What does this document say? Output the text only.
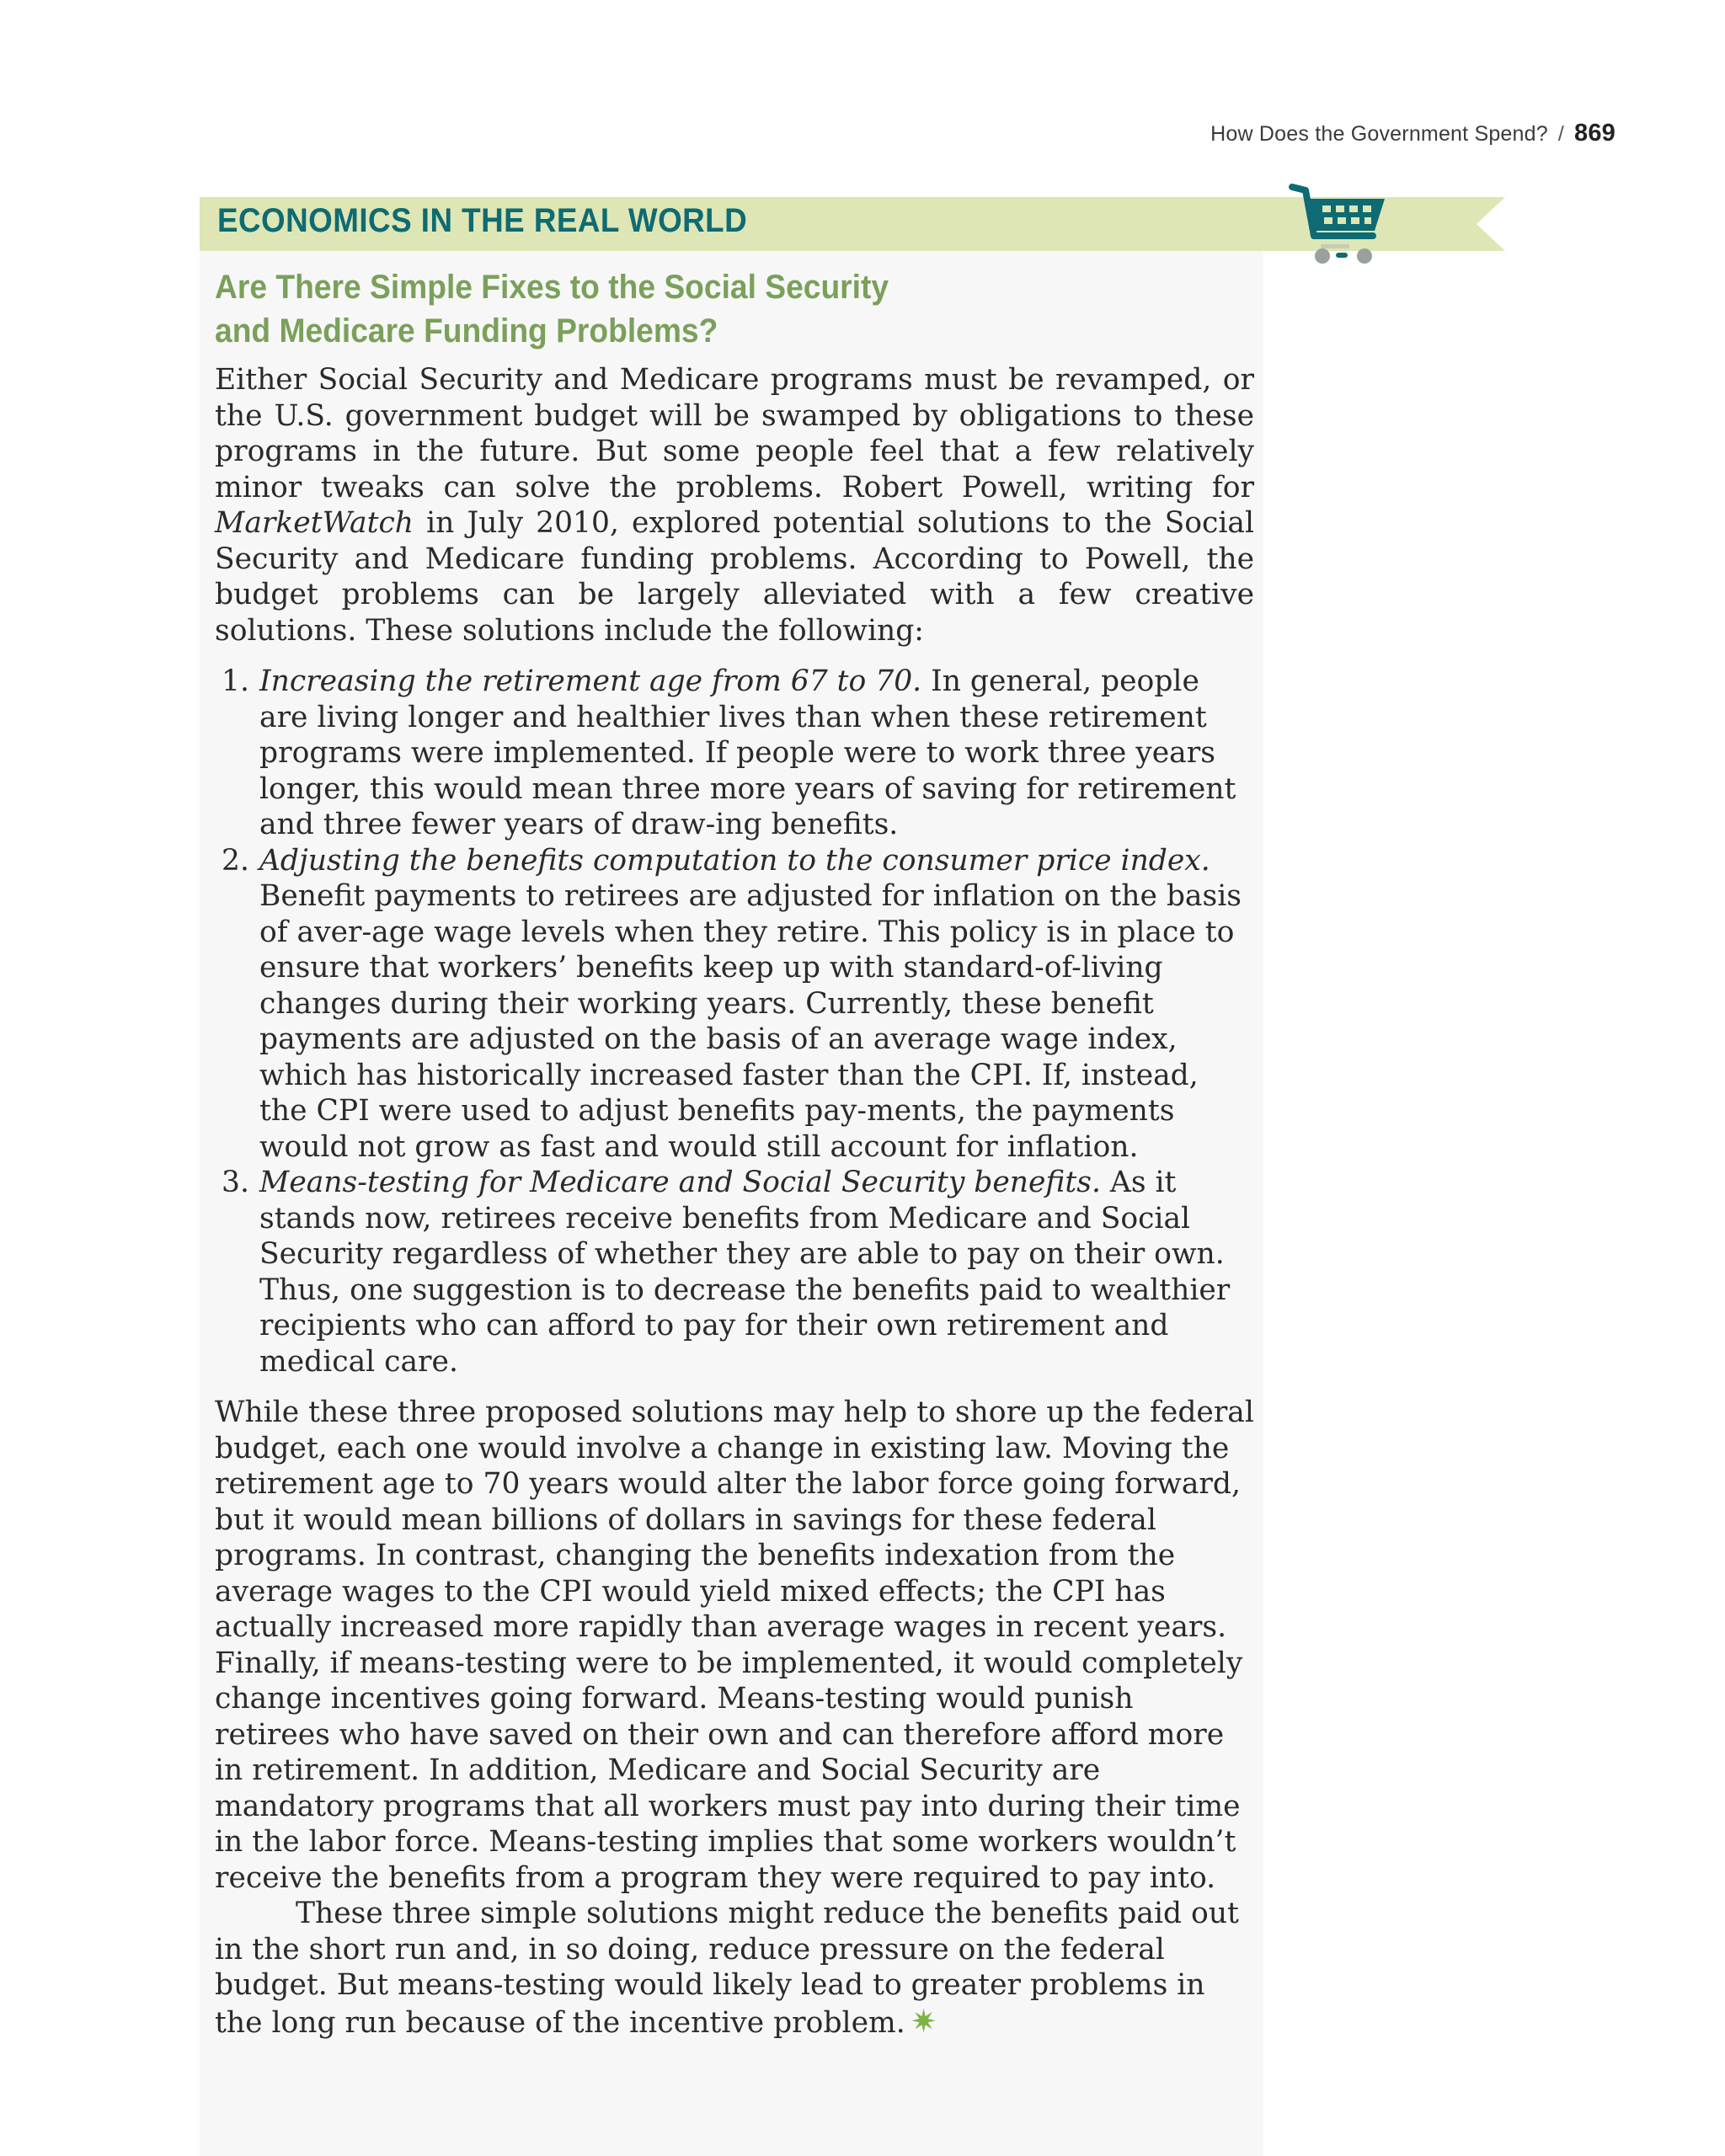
How Does the Government Spend? / 869
ECONOMICS IN THE REAL WORLD
Are There Simple Fixes to the Social Security
and Medicare Funding Problems?

Either Social Security and Medicare programs must be revamped, or the U.S. government budget will be swamped by obligations to these programs in the future. But some people feel that a few relatively minor tweaks can solve the problems. Robert Powell, writing for MarketWatch in July 2010, explored potential solutions to the Social Security and Medicare funding problems. According to Powell, the budget problems can be largely alleviated with a few creative solutions. These solutions include the following:

1. Increasing the retirement age from 67 to 70. In general, people are living longer and healthier lives than when these retirement programs were implemented. If people were to work three years longer, this would mean three more years of saving for retirement and three fewer years of draw-ing benefits.
2. Adjusting the benefits computation to the consumer price index. Benefit payments to retirees are adjusted for inflation on the basis of aver-age wage levels when they retire. This policy is in place to ensure that workers’ benefits keep up with standard-of-living changes during their working years. Currently, these benefit payments are adjusted on the basis of an average wage index, which has historically increased faster than the CPI. If, instead, the CPI were used to adjust benefits pay-ments, the payments would not grow as fast and would still account for inflation.
3. Means-testing for Medicare and Social Security benefits. As it stands now, retirees receive benefits from Medicare and Social Security regardless of whether they are able to pay on their own. Thus, one suggestion is to decrease the benefits paid to wealthier recipients who can afford to pay for their own retirement and medical care.

While these three proposed solutions may help to shore up the federal budget, each one would involve a change in existing law. Moving the retirement age to 70 years would alter the labor force going forward, but it would mean billions of dollars in savings for these federal programs. In contrast, changing the benefits indexation from the average wages to the CPI would yield mixed effects; the CPI has actually increased more rapidly than average wages in recent years. Finally, if means-testing were to be implemented, it would completely change incentives going forward. Means-testing would punish retirees who have saved on their own and can therefore afford more in retirement. In addition, Medicare and Social Security are mandatory programs that all workers must pay into during their time in the labor force. Means-testing implies that some workers wouldn’t receive the benefits from a program they were required to pay into.

These three simple solutions might reduce the benefits paid out in the short run and, in so doing, reduce pressure on the federal budget. But means-testing would likely lead to greater problems in the long run because of the incentive problem. ✷
